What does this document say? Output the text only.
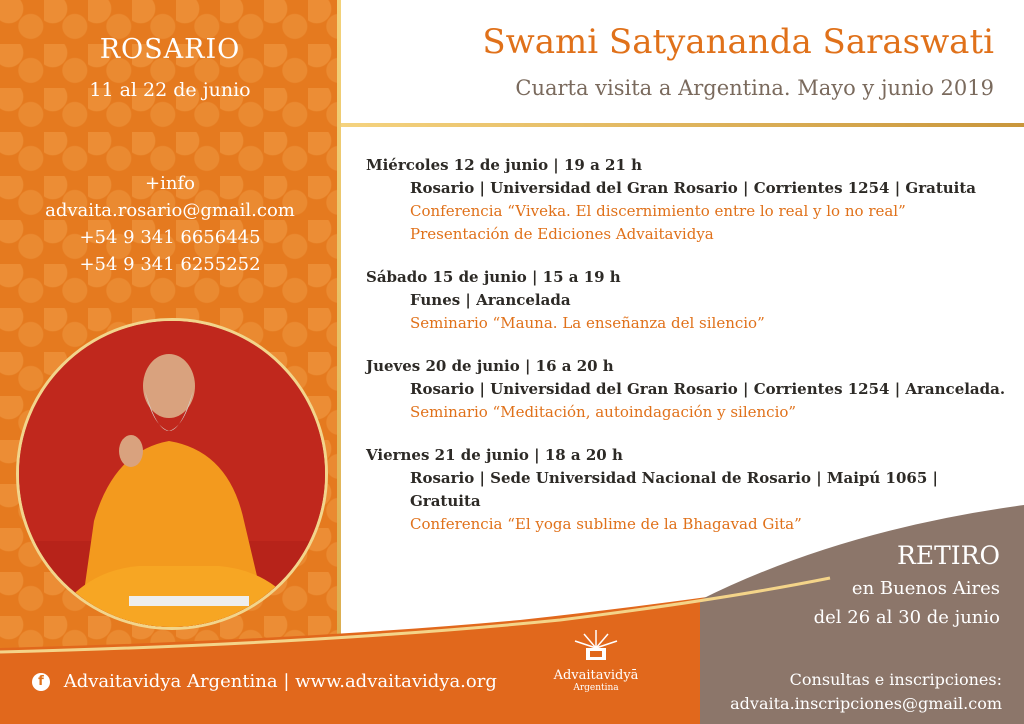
ROSARIO
11 al 22 de junio
+info
advaita.rosario@gmail.com
+54 9 341 6656445
+54 9 341 6255252
Swami Satyananda Saraswati
Cuarta visita a Argentina. Mayo y junio 2019
Miércoles 12 de junio | 19 a 21 h
Rosario | Universidad del Gran Rosario | Corrientes 1254 | Gratuita
Conferencia “Viveka. El discernimiento entre lo real y lo no real”
Presentación de Ediciones Advaitavidya
Sábado 15 de junio | 15 a 19 h
Funes | Arancelada
Seminario “Mauna. La enseñanza del silencio”
Jueves 20 de junio | 16 a 20 h
Rosario | Universidad del Gran Rosario | Corrientes 1254 | Arancelada.
Seminario “Meditación, autoindagación y silencio”
Viernes 21 de junio | 18 a 20 h
Rosario | Sede Universidad Nacional de Rosario | Maipú 1065 | Gratuita
Conferencia “El yoga sublime de la Bhagavad Gita”
RETIRO
en Buenos Aires
del 26 al 30 de junio
f Advaitavidya Argentina | www.advaitavidya.org	Advaitavidyā
Argentina	Consultas e inscripciones:
advaita.inscripciones@gmail.com
